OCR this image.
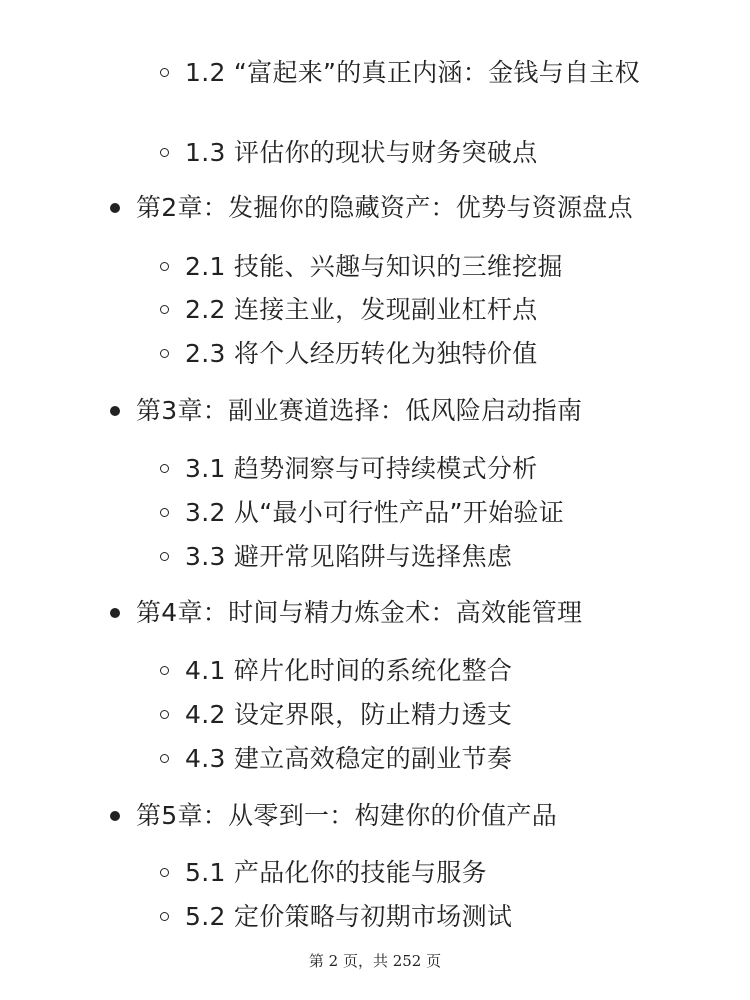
1.2 “富起来”的真正内涵：金钱与自主权
1.3 评估你的现状与财务突破点
第2章：发掘你的隐藏资产：优势与资源盘点
2.1 技能、兴趣与知识的三维挖掘
2.2 连接主业，发现副业杠杆点
2.3 将个人经历转化为独特价值
第3章：副业赛道选择：低风险启动指南
3.1 趋势洞察与可持续模式分析
3.2 从“最小可行性产品”开始验证
3.3 避开常见陷阱与选择焦虑
第4章：时间与精力炼金术：高效能管理
4.1 碎片化时间的系统化整合
4.2 设定界限，防止精力透支
4.3 建立高效稳定的副业节奏
第5章：从零到一：构建你的价值产品
5.1 产品化你的技能与服务
5.2 定价策略与初期市场测试
第 2 页，共 252 页
